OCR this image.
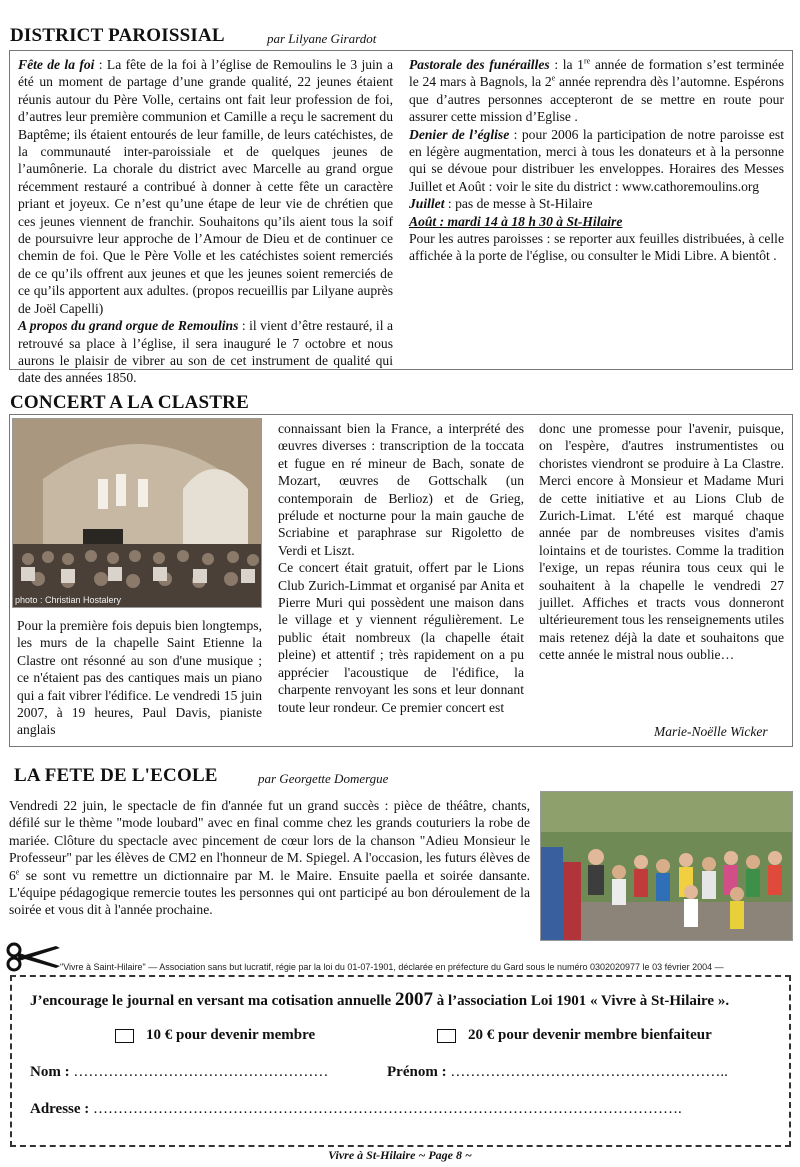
DISTRICT PAROISSIAL	par Lilyane Girardot

Fête de la foi : La fête de la foi à l’église de Remoulins le 3 juin a été un moment de partage d’une grande qualité, 22 jeunes étaient réunis autour du Père Volle, certains ont fait leur profession de foi, d’autres leur première communion et Camille a reçu le sacrement du Baptême; ils étaient entourés de leur famille, de leurs catéchistes, de la communauté inter-paroissiale et de quelques jeunes de l’aumônerie. La chorale du district avec Marcelle au grand orgue récemment restauré a contribué à donner à cette fête un caractère priant et joyeux. Ce n’est qu’une étape de leur vie de chrétien que ces jeunes viennent de franchir. Souhaitons qu’ils aient tous la soif de poursuivre leur approche de l’Amour de Dieu et de continuer ce chemin de foi. Que le Père Volle et les catéchistes soient remerciés de ce qu’ils offrent aux jeunes et que les jeunes soient remerciés de ce qu’ils apportent aux adultes. (propos recueillis par Lilyane auprès de Joël Capelli)

A propos du grand orgue de Remoulins : il vient d’être restauré, il a retrouvé sa place à l’église, il sera inauguré le 7 octobre et nous aurons le plaisir de vibrer au son de cet instrument de qualité qui date des années 1850.

Pastorale des funérailles : la 1re année de formation s’est terminée le 24 mars à Bagnols, la 2e année reprendra dès l’automne. Espérons que d’autres personnes accepteront de se mettre en route pour assurer cette mission d’Eglise .

Denier de l’église : pour 2006 la participation de notre paroisse est en légère augmentation, merci à tous les donateurs et à la personne qui se dévoue pour distribuer les enveloppes. Horaires des Messes Juillet et Août : voir le site du district : www.cathoremoulins.org

Juillet : pas de messe à St-Hilaire

Août : mardi 14 à 18 h 30 à St-Hilaire

Pour les autres paroisses : se reporter aux feuilles distribuées, à celle affichée à la porte de l'église, ou consulter le Midi Libre. A bientôt .

CONCERT A LA CLASTRE
photo : Christian Hostalery

Pour la première fois depuis bien longtemps, les murs de la chapelle Saint Etienne la Clastre ont résonné au son d'une musique ; ce n'étaient pas des cantiques mais un piano qui a fait vibrer l'édifice. Le vendredi 15 juin 2007, à 19 heures, Paul Davis, pianiste anglais

connaissant bien la France, a interprété des œuvres diverses : transcription de la toccata et fugue en ré mineur de Bach, sonate de Mozart, œuvres de Gottschalk (un contemporain de Berlioz) et de Grieg, prélude et nocturne pour la main gauche de Scriabine et paraphrase sur Rigoletto de Verdi et Liszt.

Ce concert était gratuit, offert par le Lions Club Zurich-Limmat et organisé par Anita et Pierre Muri qui possèdent une maison dans le village et y viennent régulièrement. Le public était nombreux (la chapelle était pleine) et attentif ; très rapidement on a pu apprécier l'acoustique de l'édifice, la charpente renvoyant les sons et leur donnant toute leur rondeur. Ce premier concert est

donc une promesse pour l'avenir, puisque, on l'espère, d'autres instrumentistes ou choristes viendront se produire à La Clastre. Merci encore à Monsieur et Madame Muri de cette initiative et au Lions Club de Zurich-Limat. L'été est marqué chaque année par de nombreuses visites d'amis lointains et de touristes. Comme la tradition l'exige, un repas réunira tous ceux qui le souhaitent à la chapelle le vendredi 27 juillet. Affiches et tracts vous donneront ultérieurement tous les renseignements utiles mais retenez déjà la date et souhaitons que cette année le mistral nous oublie…

Marie-Noëlle Wicker
LA FETE DE L'ECOLE	par Georgette Domergue

Vendredi 22 juin, le spectacle de fin d'année fut un grand succès : pièce de théâtre, chants, défilé sur le thème "mode loubard" avec en final comme chez les grands couturiers la robe de mariée. Clôture du spectacle avec pincement de cœur lors de la chanson "Adieu Monsieur le Professeur" par les élèves de CM2 en l'honneur de M. Spiegel. A l'occasion, les futurs élèves de 6e se sont vu remettre un dictionnaire par M. le Maire. Ensuite paella et soirée dansante. L'équipe pédagogique remercie toutes les personnes qui ont participé au bon déroulement de la soirée et vous dit à l'année prochaine.

"Vivre à Saint-Hilaire" — Association sans but lucratif, régie par la loi du 01-07-1901, déclarée en préfecture du Gard sous le numéro 0302020977 le 03 février 2004 —
J’encourage le journal en versant ma cotisation annuelle 2007 à l’association Loi 1901 « Vivre à St-Hilaire ».
10 € pour devenir membre	20 € pour devenir membre bienfaiteur
Nom : ……………………………………………	Prénom : ………………………………………………..
Adresse : ……………………………………………………………………………………………………….
Vivre à St-Hilaire ~ Page 8 ~
